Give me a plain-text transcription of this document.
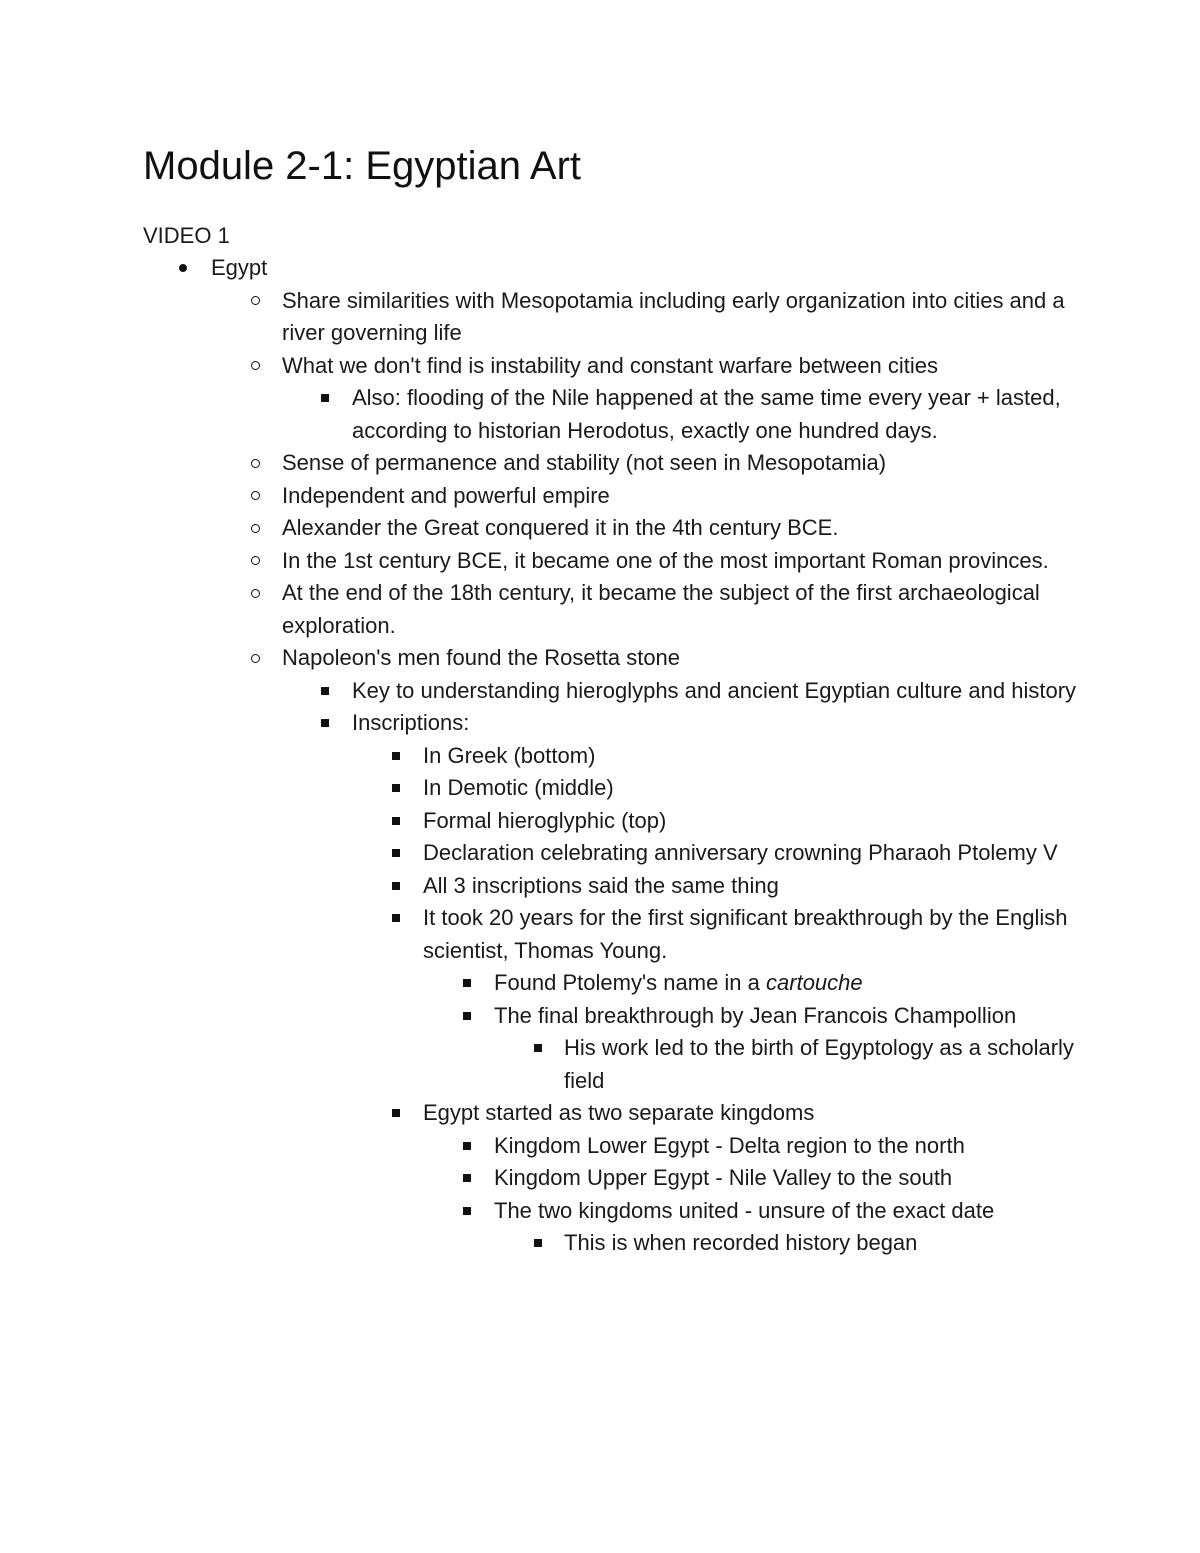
Module 2-1: Egyptian Art
VIDEO 1
Egypt
Share similarities with Mesopotamia including early organization into cities and a river governing life
What we don't find is instability and constant warfare between cities
Also: flooding of the Nile happened at the same time every year + lasted, according to historian Herodotus, exactly one hundred days.
Sense of permanence and stability (not seen in Mesopotamia)
Independent and powerful empire
Alexander the Great conquered it in the 4th century BCE.
In the 1st century BCE, it became one of the most important Roman provinces.
At the end of the 18th century, it became the subject of the first archaeological exploration.
Napoleon's men found the Rosetta stone
Key to understanding hieroglyphs and ancient Egyptian culture and history
Inscriptions:
In Greek (bottom)
In Demotic (middle)
Formal hieroglyphic (top)
Declaration celebrating anniversary crowning Pharaoh Ptolemy V
All 3 inscriptions said the same thing
It took 20 years for the first significant breakthrough by the English scientist, Thomas Young.
Found Ptolemy's name in a cartouche
The final breakthrough by Jean Francois Champollion
His work led to the birth of Egyptology as a scholarly field
Egypt started as two separate kingdoms
Kingdom Lower Egypt - Delta region to the north
Kingdom Upper Egypt - Nile Valley to the south
The two kingdoms united - unsure of the exact date
This is when recorded history began
